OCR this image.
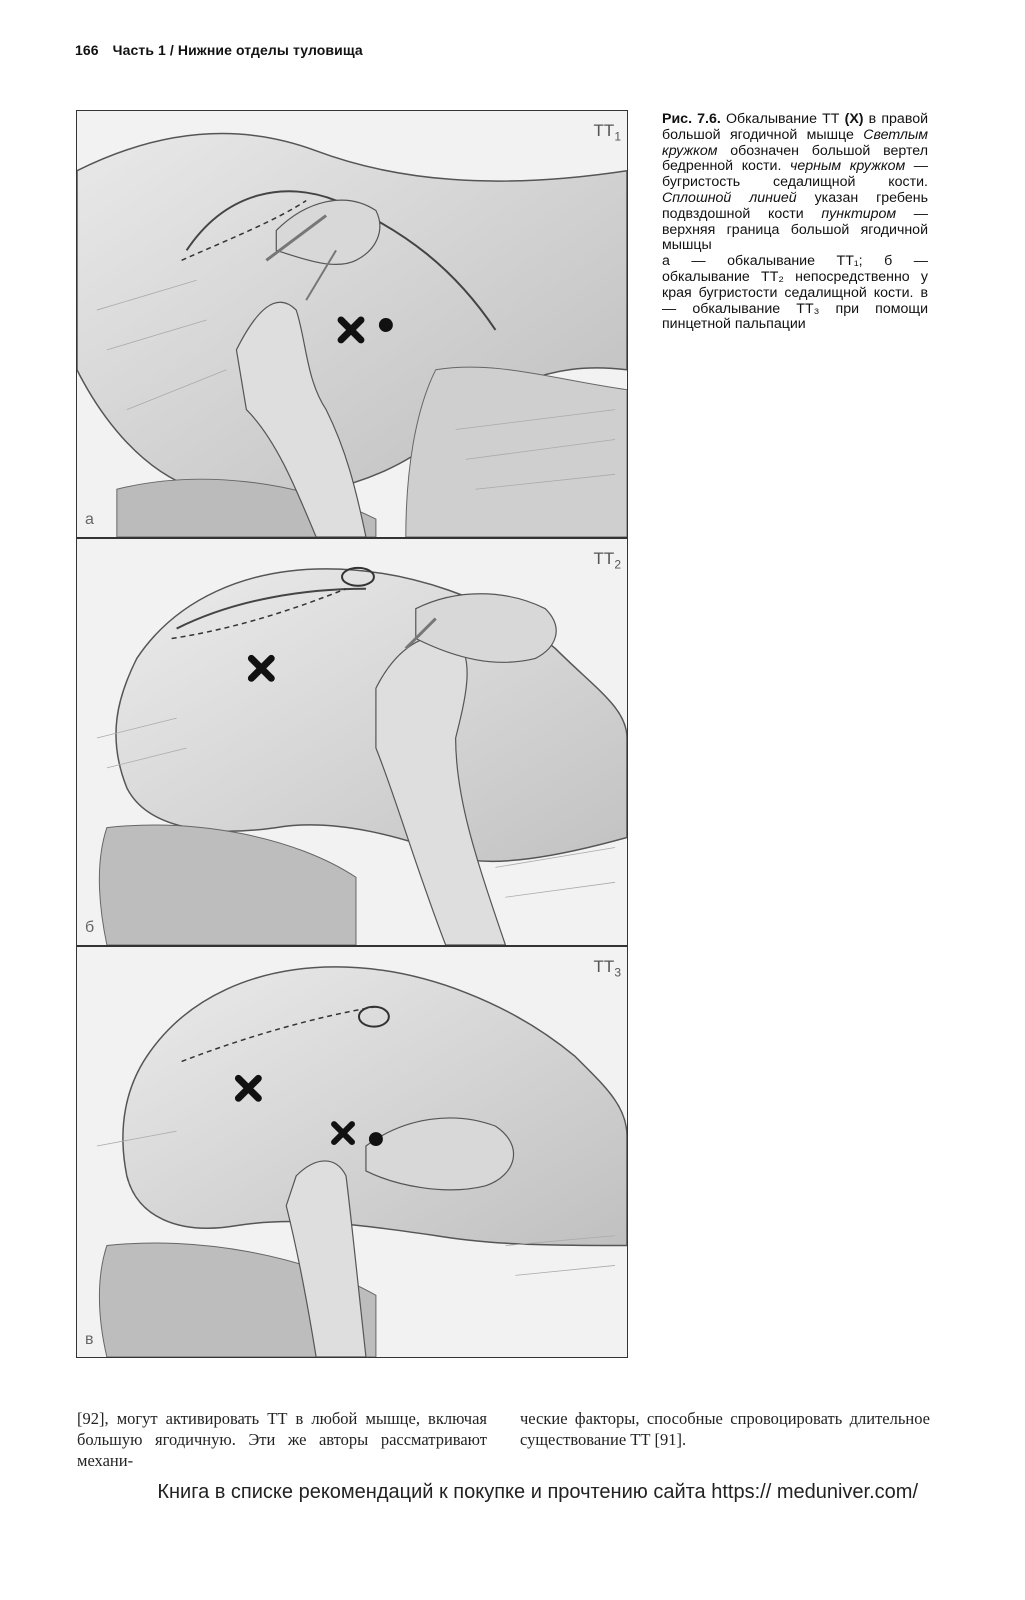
166 Часть 1 / Нижние отделы туловища
$ТТ_1$
а
$ТТ_2$
б
$ТТ_3$
в
Рис. 7.6. Обкалывание ТТ (X) в правой большой ягодичной мышце Светлым кружком обозначен большой вертел бедренной кости. черным кружком — бугристость седалищной кости. Сплошной линией указан гребень подвздошной кости пунктиром — верхняя граница большой ягодичной мышцы
а — обкалывание ТТ₁; б — обкалывание ТТ₂ непосредственно у края бугристости седалищной кости. в — обкалывание ТТ₃ при помощи пинцетной пальпации
[92], могут активировать ТТ в любой мышце, включая большую ягодичную. Эти же авторы рассматривают механи-
ческие факторы, способные спровоцировать длительное существование ТТ [91].
Книга в списке рекомендаций к покупке и прочтению сайта https:// meduniver.com/
